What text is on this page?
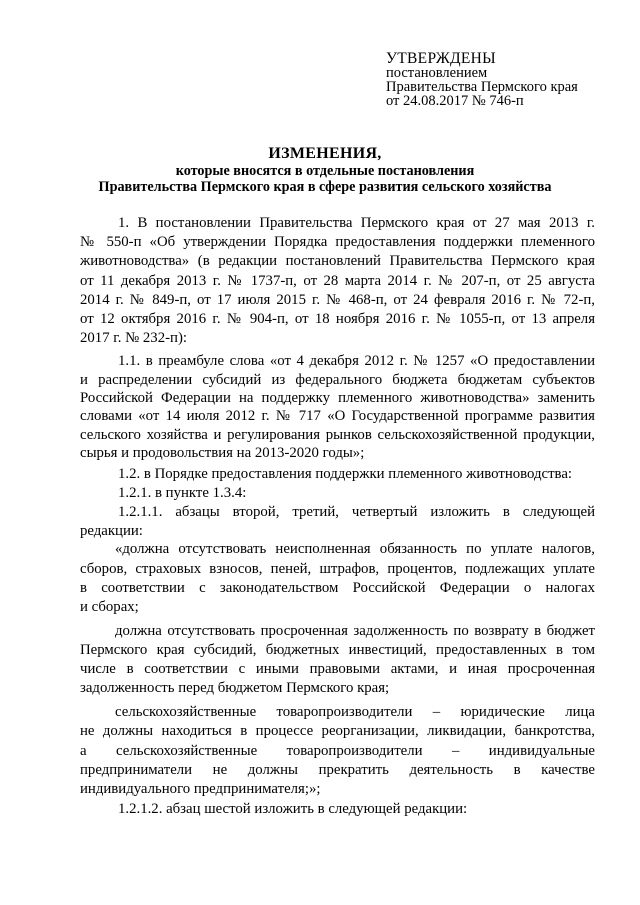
УТВЕРЖДЕНЫ
постановлением
Правительства Пермского края
от 24.08.2017 № 746-п
ИЗМЕНЕНИЯ,
которые вносятся в отдельные постановления
Правительства Пермского края в сфере развития сельского хозяйства

1. В постановлении Правительства Пермского края от 27 мая 2013 г.

№ 550-п «Об утверждении Порядка предоставления поддержки племенного

животноводства» (в редакции постановлений Правительства Пермского края

от 11 декабря 2013 г. № 1737-п, от 28 марта 2014 г. № 207-п, от 25 августа

2014 г. № 849-п, от 17 июля 2015 г. № 468-п, от 24 февраля 2016 г. № 72-п,

от 12 октября 2016 г. № 904-п, от 18 ноября 2016 г. № 1055-п, от 13 апреля

2017 г. № 232-п):

1.1. в преамбуле слова «от 4 декабря 2012 г. № 1257 «О предоставлении

и распределении субсидий из федерального бюджета бюджетам субъектов

Российской Федерации на поддержку племенного животноводства» заменить

словами «от 14 июля 2012 г. № 717 «О Государственной программе развития

сельского хозяйства и регулирования рынков сельскохозяйственной продукции,

сырья и продовольствия на 2013-2020 годы»;

1.2. в Порядке предоставления поддержки племенного животноводства:

1.2.1. в пункте 1.3.4:

1.2.1.1. абзацы второй, третий, четвертый изложить в следующей

редакции:

«должна отсутствовать неисполненная обязанность по уплате налогов,

сборов, страховых взносов, пеней, штрафов, процентов, подлежащих уплате

в соответствии с законодательством Российской Федерации о налогах

и сборах;

должна отсутствовать просроченная задолженность по возврату в бюджет

Пермского края субсидий, бюджетных инвестиций, предоставленных в том

числе в соответствии с иными правовыми актами, и иная просроченная

задолженность перед бюджетом Пермского края;

сельскохозяйственные товаропроизводители – юридические лица

не должны находиться в процессе реорганизации, ликвидации, банкротства,

а сельскохозяйственные товаропроизводители – индивидуальные

предприниматели не должны прекратить деятельность в качестве

индивидуального предпринимателя;»;

1.2.1.2. абзац шестой изложить в следующей редакции:
